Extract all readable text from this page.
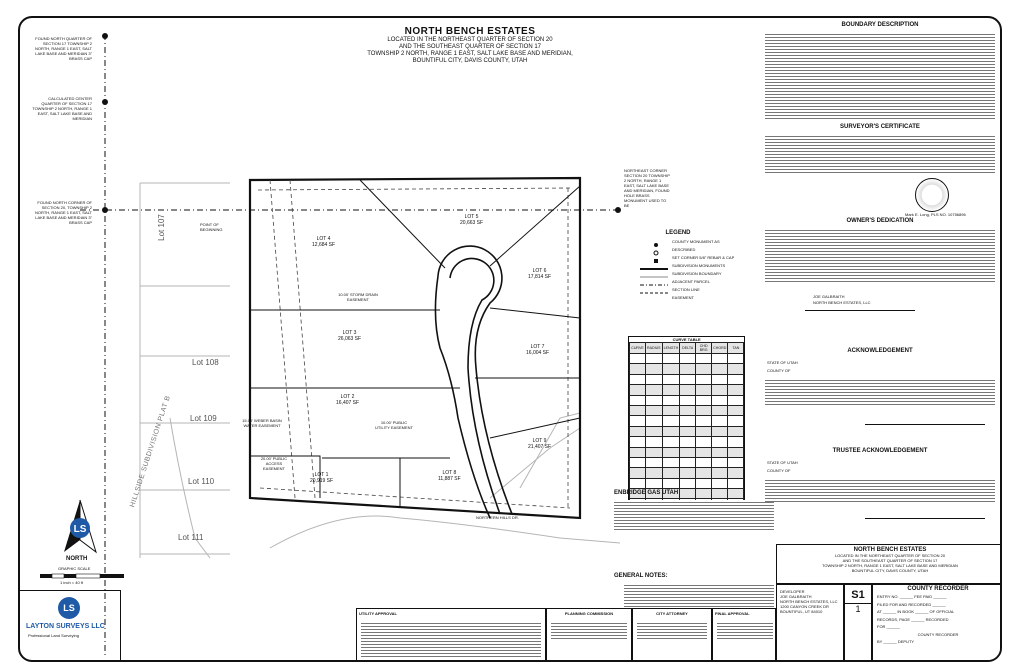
NORTH BENCH ESTATES
LOCATED IN THE NORTHEAST QUARTER OF SECTION 20
AND THE SOUTHEAST QUARTER OF SECTION 17
TOWNSHIP 2 NORTH, RANGE 1 EAST, SALT LAKE BASE AND MERIDIAN,
BOUNTIFUL CITY, DAVIS COUNTY, UTAH
FOUND NORTH QUARTER OF SECTION 17 TOWNSHIP 2 NORTH, RANGE 1 EAST, SALT LAKE BASE AND MERIDIAN 3" BRASS CAP
CALCULATED CENTER QUARTER OF SECTION 17 TOWNSHIP 2 NORTH, RANGE 1 EAST, SALT LAKE BASE AND MERIDIAN
FOUND NORTH CORNER OF SECTION 20, TOWNSHIP 2 NORTH, RANGE 1 EAST, SALT LAKE BASE AND MERIDIAN 3" BRASS CAP
NORTHEAST CORNER SECTION 20 TOWNSHIP 2 NORTH, RANGE 1 EAST, SALT LAKE BASE AND MERIDIAN, FOUND HOLE BRASS MONUMENT USED TO BE
POINT OF BEGINNING
LS
Lot 107
Lot 108
Lot 109
Lot 110
Lot 111
HILLSIDE SUBDIVISION PLAT B
LOT 4
12,684 SF
LOT 5
20,663 SF
LOT 6
17,814 SF
LOT 3
26,063 SF
LOT 7
16,004 SF
LOT 2
16,407 SF
LOT 1
20,919 SF
LOT 8
11,887 SF
LOT 9
21,407 SF
10.00' STORM DRAIN EASEMENT
10.00' PUBLIC UTILITY EASEMENT
15.00' WEBER BASIN WATER EASEMENT
20.00' PUBLIC ACCESS EASEMENT
NORTHERN HILLS DR.
LEGEND
COUNTY MONUMENT AS DESCRIBED
SET CORNER 5/8" REBAR & CAP
SUBDIVISION MONUMENTS
SUBDIVISION BOUNDARY
ADJACENT PARCEL
SECTION LINE
EASEMENT
CURVE TABLE
CURVE	RADIUS	LENGTH	DELTA	CHD BRG	CHORD	TAN

ENBRIDGE GAS UTAH
GENERAL NOTES:
BOUNDARY DESCRIPTION
SURVEYOR'S CERTIFICATE
Mark E. Long, PLS NO. 10756896
OWNER'S DEDICATION
JOE GALBRAITH
NORTH BENCH ESTATES, LLC
ACKNOWLEDGEMENT
STATE OF UTAH
COUNTY OF
TRUSTEE ACKNOWLEDGEMENT
STATE OF UTAH
COUNTY OF
LS
LAYTON SURVEYS LLC
Professional Land Surveying
NORTH
GRAPHIC SCALE
1 inch = 40 ft
UTILITY APPROVAL	PLANNING COMMISSION	CITY ATTORNEY	FINAL APPROVAL
NORTH BENCH ESTATES
LOCATED IN THE NORTHEAST QUARTER OF SECTION 20
AND THE SOUTHEAST QUARTER OF SECTION 17
TOWNSHIP 2 NORTH, RANGE 1 EAST, SALT LAKE BASE AND MERIDIAN
BOUNTIFUL CITY, DAVIS COUNTY, UTAH
DEVELOPER
JOE GALBRAITH
NORTH BENCH ESTATES, LLC
1200 CANYON CREEK DR
BOUNTIFUL, UT 84010
S1
1
COUNTY RECORDER
ENTRY NO. ______ FEE PAID ______
FILED FOR AND RECORDED ______
AT ______ IN BOOK ______ OF OFFICIAL
RECORDS, PAGE ______ RECORDED
FOR ______
COUNTY RECORDER
BY ______ DEPUTY
